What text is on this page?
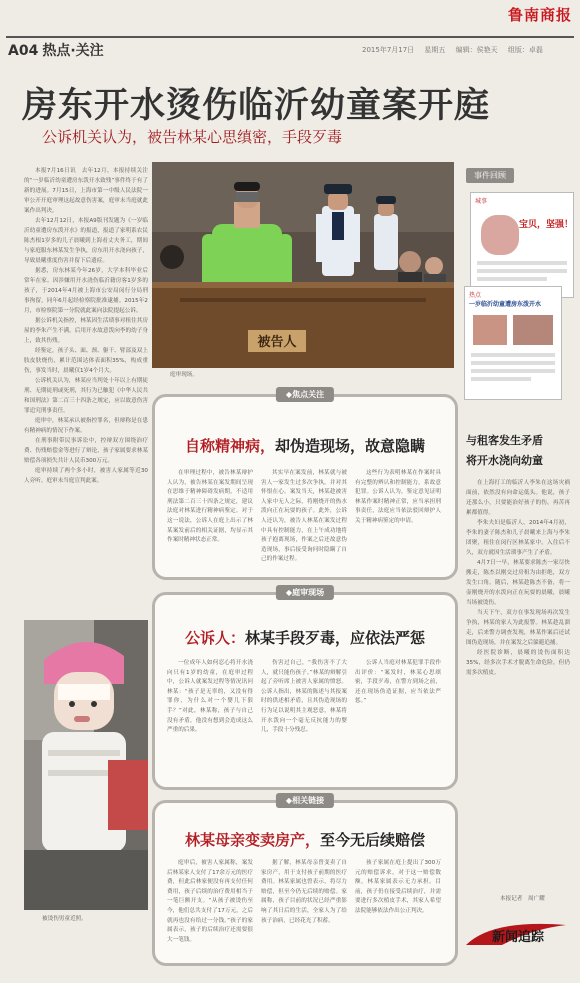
鲁南商报
A04 热点·关注	2015年7月17日 星期五 编辑：侯艳天 组版：卓磊
房东开水烫伤临沂幼童案开庭
公诉机关认为，被告林某心思缜密，手段歹毒

本报7月16日讯　去年12月，本报持续关注的“一岁临沂幼童遭房东泼开水致残”事件终于有了新的进展。7月15日，上海市第一中级人民法院一审公开开庭审理这起故意伤害案，庭审未当庭就此案作出判决。

去年12月12日，本报A9版刊发题为《一岁临沂幼童遭房东泼开水》的报道，报道了家明系农民陈杰根1岁多的儿子晨曦到上海看丈夫务工，期间与家庭服东林某发生争执，房东用开水浇向孩子，导致晨曦重度伤害并留下后遗症。

据悉，房东林某今年26岁，大学本科毕业后常年在家。因涉嫌用开水浇伤临沂籍房客1岁多的孩子，于2014年4月被上海市公安局闵行分局刑事拘留，同年6月起经检察院批准逮捕。2015年2月，市检察院第一分院就此案向法院提起公诉。

据公诉机关指控，林某因生活琐事对租住其房屋的李朱产生不满，后用开水故意泼向李的幼子身上，致其伤残。

经鉴定，孩子头、面、颈、躯干、臂部及双上肢皮肤烧伤，累计范围达体表面积35%，构成重伤，事发当时，晨曦仅1岁4个月大。

公诉机关认为，林某应当判处十年以上有期徒刑、无期徒刑或死刑，其行为已触犯《中华人民共和国刑法》第二百三十四条之规定，应以故意伤害罪追究刑事责任。

庭审中，林某承认被指控罪名，但辩称是在患有精神病的情况下作案。

在刑事附带民事诉讼中，控辩双方围绕治疗费、伤残赔偿金等进行了辩论，孩子家属要求林某赔偿各项损失共计人民币300万元。

庭审持续了两个多小时，被害人家属等近30人旁听。庭审未当庭宣判此案。

被告人
庭审现场。
◆焦点关注
自称精神病，却伪造现场，故意隐瞒

在审理过程中，被告林某辩护人认为，被告林某在案发期间呈现在思维于精神障碍发病期，不适用刑法第二百三十四条之规定，建议法庭对林某进行精神病鉴定。对于这一说法，公诉人在庭上出示了林某案发前后的相关证据，均显示其作案时精神状态正常。

其实早在案发前，林某就与被害人一家发生过多次争执，并对其怀恨在心。案发当天，林某趁被害人家中无人之际，将刚烧开的热水泼向正在玩耍的孩子。此外，公诉人还认为，被告人林某在案发过程中具有控制能力，在上午成功地将孩子抱离现场，作案之后还故意伪造现场，事后接受询问时隐瞒了自己的作案过程。

这些行为表明林某在作案时具有完整的辨认和控制能力，系故意犯罪。公诉人认为，鉴定意见证明林某作案时精神正常，应当承担刑事责任，法庭应当依法驳回辩护人关于精神病鉴定的申请。

◆庭审现场
公诉人：林某手段歹毒，应依法严惩

一位成年人如何忍心将开水浇向只有1岁的幼童，在庭审过程中，公诉人就案发过程等情况讯问林某：“孩子是无辜的，又没有得罪你，为什么对一个婴儿下狠手？”对此，林某称，孩子与自己没有矛盾，他没有想到会造成这么严重的后果。

伤害过自己，“我伤害不了大人，就只能伤孩子。”林某的辩解引起了旁听席上被害人家属的愤怒。公诉人指出，林某的陈述与其报案时的供述相矛盾，且其伪造现场的行为足以说明其主观恶意，林某将开水泼向一个毫无反抗能力的婴儿，手段十分残忍。

公诉人当庭对林某犯罪手段作出评价：“案发时，林某心思缜密，手段歹毒，在警方到场之前，还在现场伪造证据，应当依法严惩。”

◆相关链接
林某母亲变卖房产，至今无后续赔偿

庭审后，被害人家属称，案发后林某家人支付了17余万元的医疗费，但此后林家便没有再支付任何费用，孩子后续的治疗费用相当于一笔巨额开支。“从孩子被烫伤至今，他们总共支付了17万元，之后就再也没有给过一分钱。”孩子的家属表示，孩子的后续治疗还需要很大一笔钱。

据了解，林某母亲曾变卖了自家房产，用于支付孩子前期的医疗费用。林某家属也曾表示，将尽力赔偿，但至今仍无后续的赔偿。家属称，孩子目前的状况已经严重影响了其日后的生活，全家人为了给孩子治病，已经花光了积蓄。

孩子家属在庭上提出了300万元的赔偿诉求，对于这一赔偿数额，林某家属表示无力承担。目前，孩子仍在接受后续治疗，并需要进行多次植皮手术，其家人希望法院能够依法作出公正判决。

被烫伤男童近照。
事件回顾
城事
宝贝，坚强！
热点
一岁临沂幼童遭房东泼开水
与租客发生矛盾
将开水浇向幼童

在上海打工的临沂人李朱在这场灾祸面前，依然没有向命运低头。他说，孩子还那么小，只要能治好孩子的伤，再苦再累都值得。

李朱夫妇是临沂人，2014年4月初，李朱的妻子陈杰和儿子晨曦来上海与李朱团聚，租住在闵行区林某家中。入住后不久，双方就因生活琐事产生了矛盾。

4月7日一早，林某要求陈杰一家尽快搬走，陈杰以刚交过房租为由拒绝，双方发生口角。随后，林某趁陈杰不备，将一壶刚烧开的水泼向正在玩耍的晨曦，晨曦当场被烫伤。

当天下午，双方在事发现场再次发生争执，林某的家人为此报警。林某趁乱溜走，后来警方调查发现，林某作案后还试图伪造现场，并在案发之后躲避追捕。

经医院诊断，晨曦的烫伤面积达35%，经多次手术才脱离生命危险，但仍需多次植皮。

本报记者　周广耀
新闻追踪
